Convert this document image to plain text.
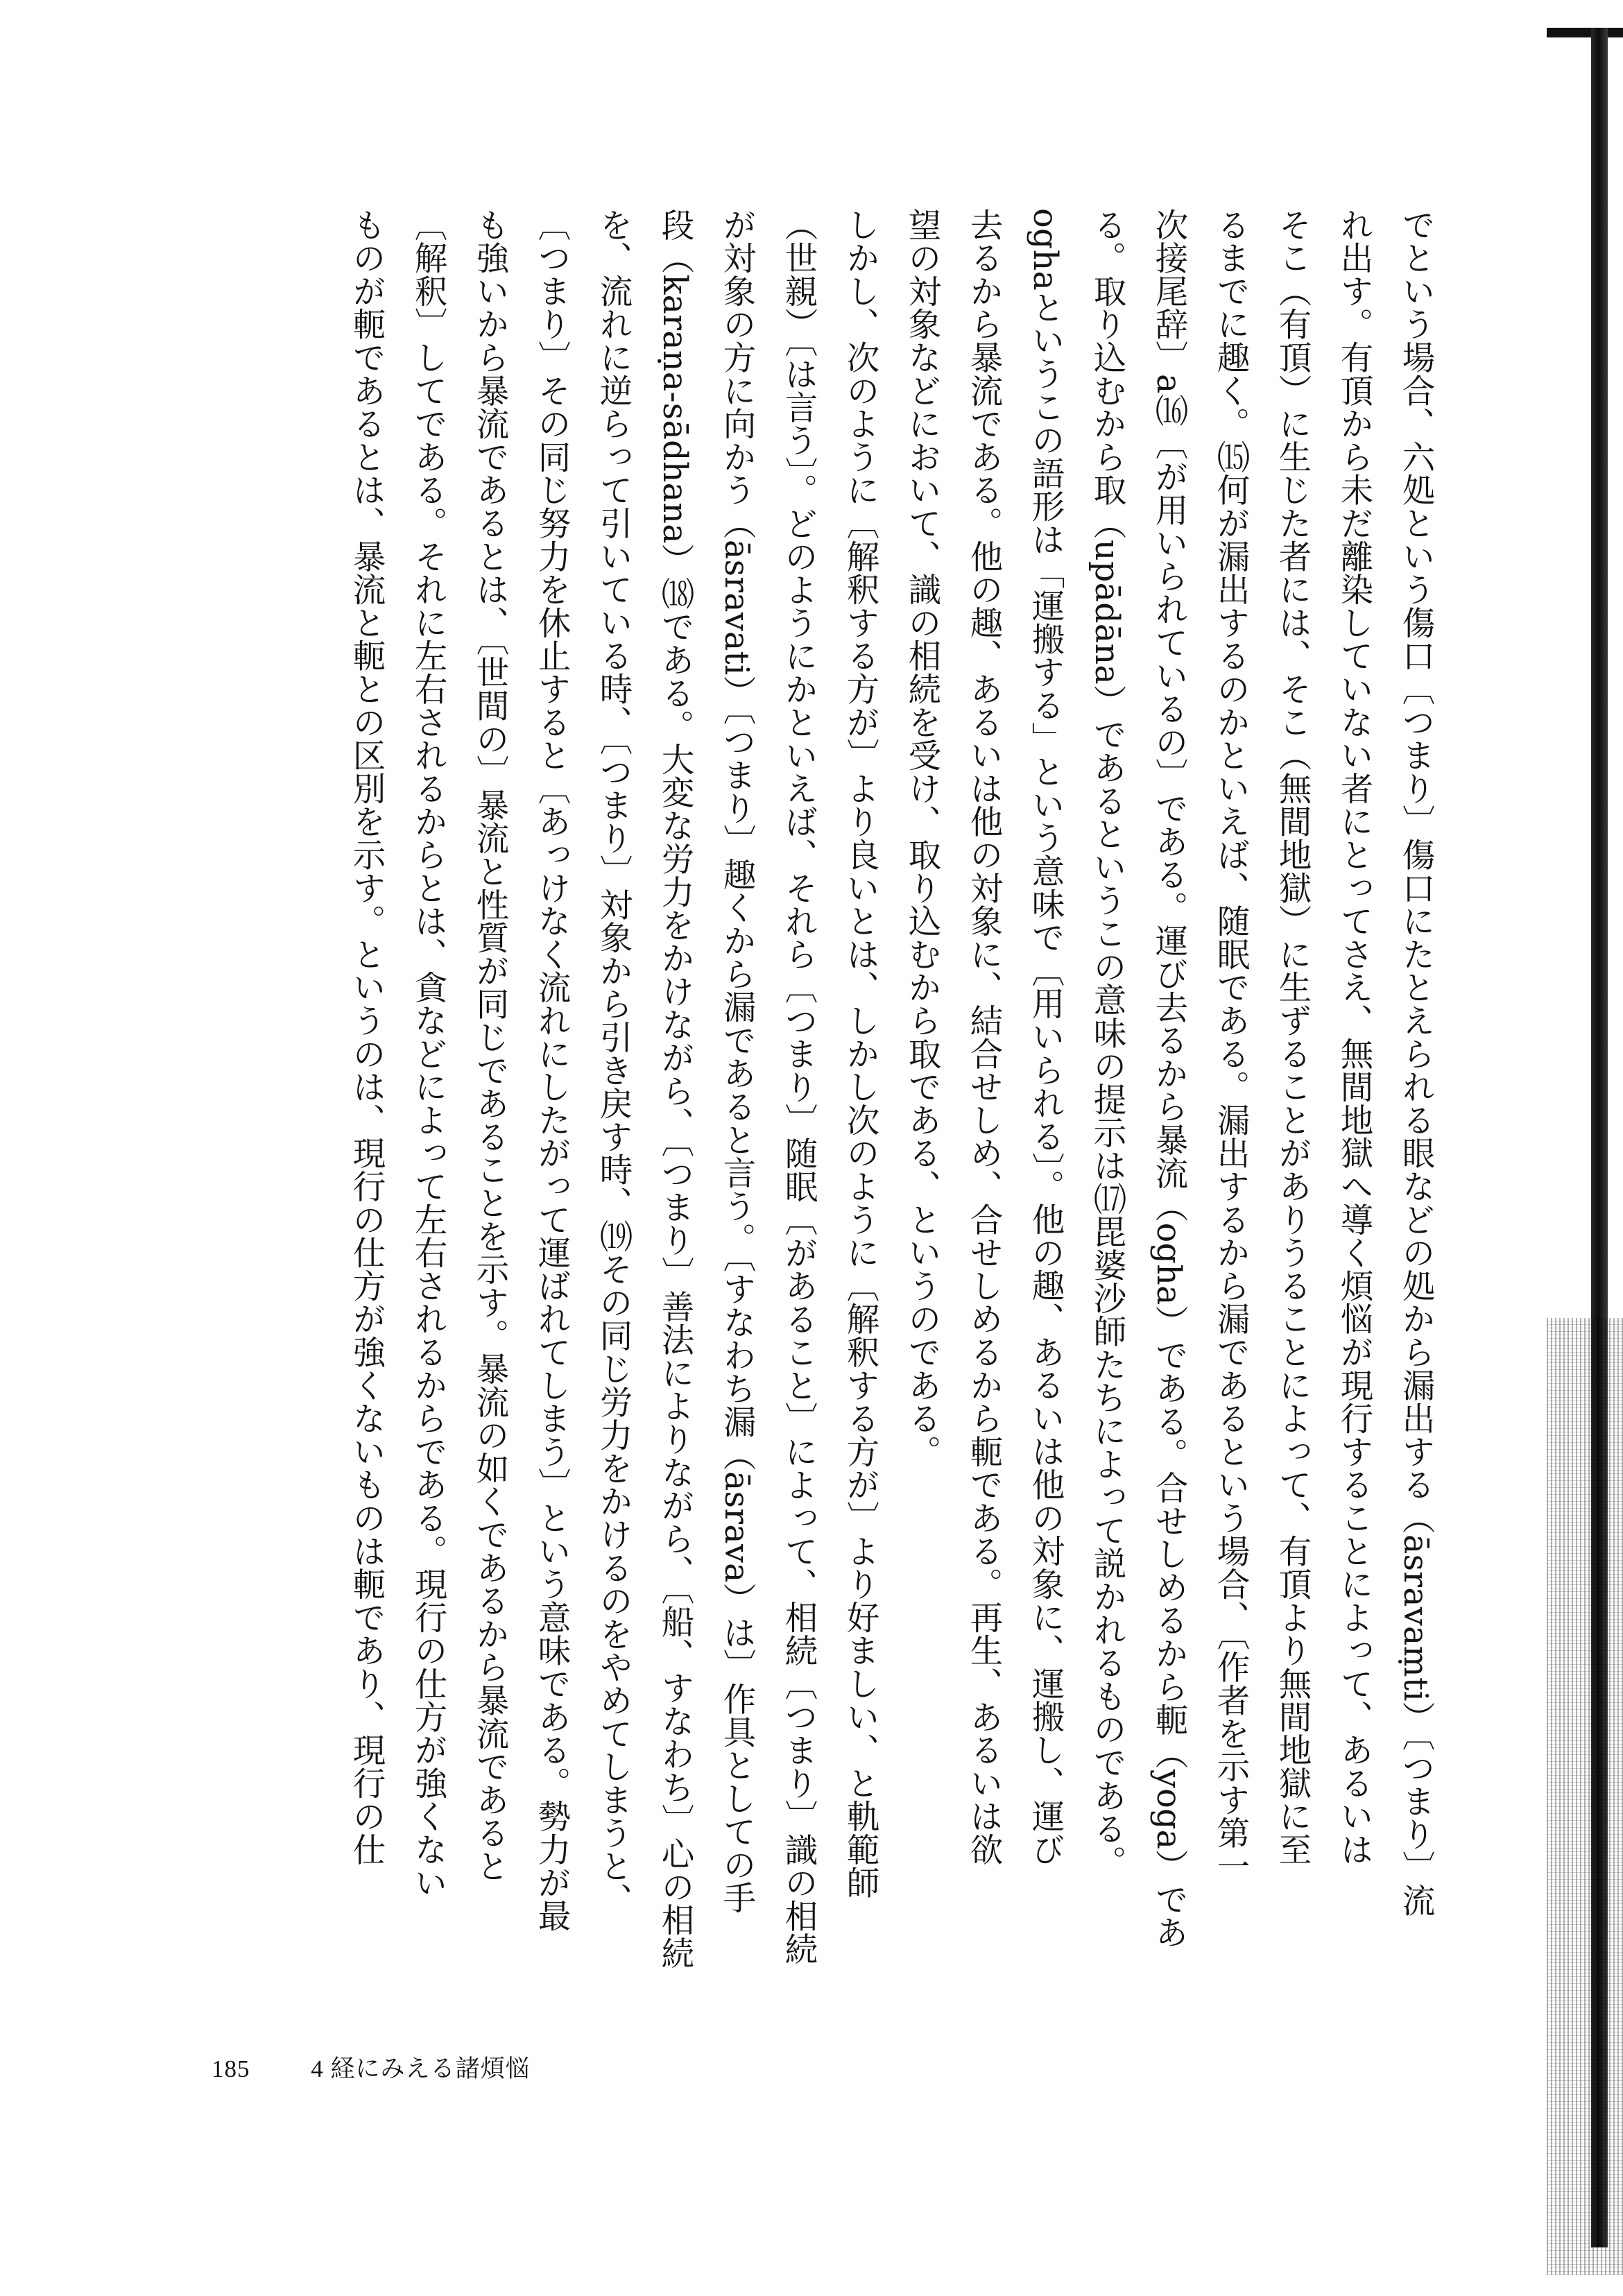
でという場合、六処という傷口〔つまり〕傷口にたとえられる眼などの処から漏出する（āsravaṃti）〔つまり〕流
れ出す。有頂から未だ離染していない者にとってさえ、無間地獄へ導く煩悩が現行することによって、あるいは
そこ（有頂）に生じた者には、そこ（無間地獄）に生ずることがありうることによって、有頂より無間地獄に至
るまでに趣く。⒂何が漏出するのかといえば、随眠である。漏出するから漏であるという場合、〔作者を示す第一
次接尾辞〕a⒃〔が用いられているの〕である。運び去るから暴流（ogha）である。合せしめるから軛（yoga）であ
る。取り込むから取（upādāna）であるというこの意味の提示は⒄毘婆沙師たちによって説かれるものである。
oghaというこの語形は「運搬する」という意味で〔用いられる〕。他の趣、あるいは他の対象に、運搬し、運び
去るから暴流である。他の趣、あるいは他の対象に、結合せしめ、合せしめるから軛である。再生、あるいは欲
望の対象などにおいて、識の相続を受け、取り込むから取である、というのである。
しかし、次のように〔解釈する方が〕より良いとは、しかし次のように〔解釈する方が〕より好ましい、と軌範師
（世親）〔は言う〕。どのようにかといえば、それら〔つまり〕随眠〔があること〕によって、相続〔つまり〕識の相続
が対象の方に向かう（āsravati）〔つまり〕趣くから漏であると言う。〔すなわち漏（āsrava）は〕作具としての手
段（karaṇa-sādhana）⒅である。大変な労力をかけながら、〔つまり〕善法によりながら、〔船、すなわち〕心の相続
を、流れに逆らって引いている時、〔つまり〕対象から引き戻す時、⒆その同じ労力をかけるのをやめてしまうと、
〔つまり〕その同じ努力を休止すると〔あっけなく流れにしたがって運ばれてしまう〕という意味である。勢力が最
も強いから暴流であるとは、〔世間の〕暴流と性質が同じであることを示す。暴流の如くであるから暴流であると
〔解釈〕してである。それに左右されるからとは、貪などによって左右されるからである。現行の仕方が強くない
ものが軛であるとは、暴流と軛との区別を示す。というのは、現行の仕方が強くないものは軛であり、現行の仕
185	4 経にみえる諸煩悩
